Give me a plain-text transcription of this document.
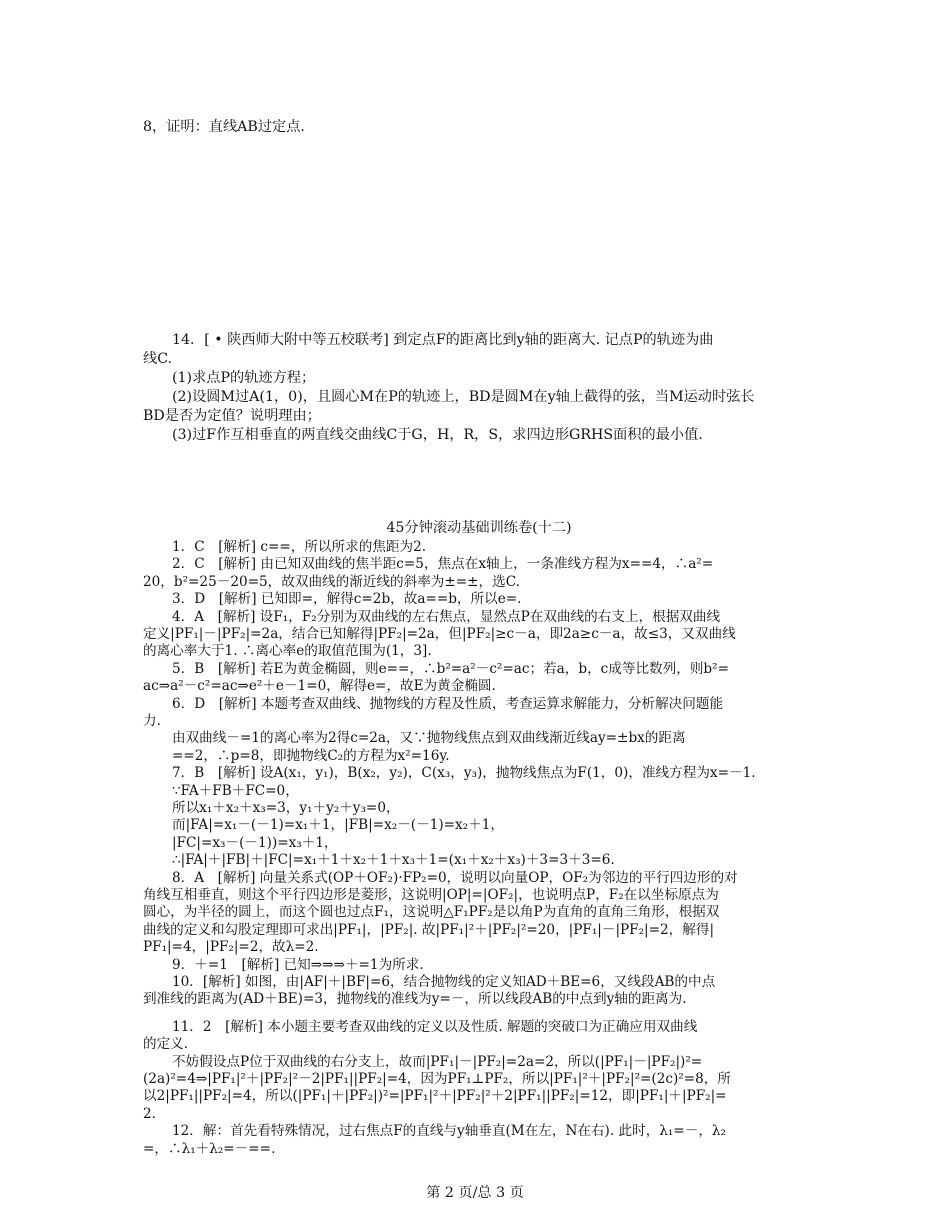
8，证明：直线AB过定点.
14．[ • 陕西师大附中等五校联考] 到定点F的距离比到y轴的距离大. 记点P的轨迹为曲
线C.
(1)求点P的轨迹方程；
(2)设圆M过A(1，0)，且圆心M在P的轨迹上，BD是圆M在y轴上截得的弦，当M运动时弦长
BD是否为定值？说明理由；
(3)过F作互相垂直的两直线交曲线C于G，H，R，S，求四边形GRHS面积的最小值.
45分钟滚动基础训练卷(十二)
1．C　[解析] c==，所以所求的焦距为2.
2．C　[解析] 由已知双曲线的焦半距c=5，焦点在x轴上，一条准线方程为x==4，∴a²=
20，b²=25－20=5，故双曲线的渐近线的斜率为±=±，选C.
3．D　[解析] 已知即=，解得c=2b，故a==b，所以e=.
4．A　[解析] 设F₁，F₂分别为双曲线的左右焦点，显然点P在双曲线的右支上，根据双曲线
定义|PF₁|－|PF₂|=2a，结合已知解得|PF₂|=2a，但|PF₂|≥c－a，即2a≥c－a，故≤3，又双曲线
的离心率大于1. ∴离心率e的取值范围为(1，3].
5．B　[解析] 若E为黄金椭圆，则e==，∴b²=a²－c²=ac；若a，b，c成等比数列，则b²=
ac⇒a²－c²=ac⇒e²＋e－1=0，解得e=，故E为黄金椭圆.
6．D　[解析] 本题考查双曲线、抛物线的方程及性质，考查运算求解能力，分析解决问题能
力.
由双曲线－=1的离心率为2得c=2a，又∵抛物线焦点到双曲线渐近线ay=±bx的距离
==2，∴p=8，即抛物线C₂的方程为x²=16y.
7．B　[解析] 设A(x₁，y₁)，B(x₂，y₂)，C(x₃，y₃)，抛物线焦点为F(1，0)，准线方程为x=－1.
∵FA＋FB＋FC=0，
所以x₁＋x₂＋x₃=3，y₁＋y₂＋y₃=0，
而|FA|=x₁－(－1)=x₁＋1，|FB|=x₂－(－1)=x₂＋1，
|FC|=x₃－(－1))=x₃＋1，
∴|FA|＋|FB|＋|FC|=x₁＋1＋x₂＋1＋x₃＋1=(x₁＋x₂＋x₃)＋3=3＋3=6.
8．A　[解析] 向量关系式(OP＋OF₂)·FP₂=0，说明以向量OP，OF₂为邻边的平行四边形的对
角线互相垂直，则这个平行四边形是菱形，这说明|OP|=|OF₂|，也说明点P，F₂在以坐标原点为
圆心，为半径的圆上，而这个圆也过点F₁，这说明△F₁PF₂是以角P为直角的直角三角形，根据双
曲线的定义和勾股定理即可求出|PF₁|，|PF₂|. 故|PF₁|²＋|PF₂|²=20，|PF₁|－|PF₂|=2，解得|
PF₁|=4，|PF₂|=2，故λ=2.
9．＋=1　[解析] 已知⇒⇒⇒＋=1为所求.
10．[解析] 如图，由|AF|＋|BF|=6，结合抛物线的定义知AD＋BE=6，又线段AB的中点
到准线的距离为(AD＋BE)=3，抛物线的准线为y=－，所以线段AB的中点到y轴的距离为.
11．2　[解析] 本小题主要考查双曲线的定义以及性质. 解题的突破口为正确应用双曲线
的定义.
不妨假设点P位于双曲线的右分支上，故而|PF₁|－|PF₂|=2a=2，所以(|PF₁|－|PF₂|)²=
(2a)²=4⇒|PF₁|²＋|PF₂|²－2|PF₁||PF₂|=4，因为PF₁⊥PF₂，所以|PF₁|²＋|PF₂|²=(2c)²=8，所
以2|PF₁||PF₂|=4，所以(|PF₁|＋|PF₂|)²=|PF₁|²＋|PF₂|²＋2|PF₁||PF₂|=12，即|PF₁|＋|PF₂|=
2.
12．解：首先看特殊情况，过右焦点F的直线与y轴垂直(M在左，N在右). 此时，λ₁=－，λ₂
=，∴λ₁＋λ₂=－==.
第 2 页/总 3 页
